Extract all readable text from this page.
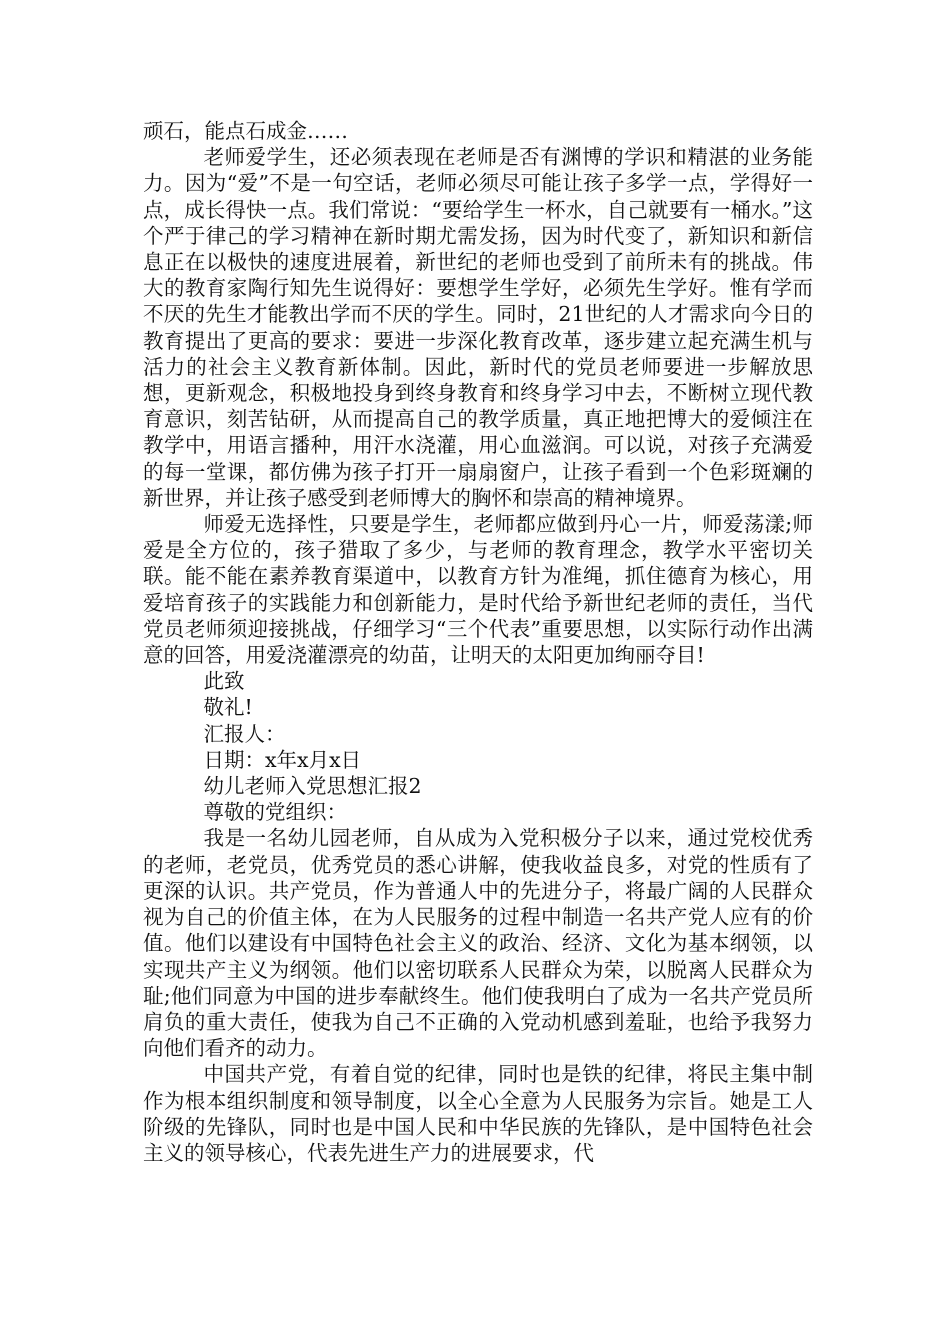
顽石，能点石成金……

老师爱学生，还必须表现在老师是否有渊博的学识和精湛的业务能力。因为“爱”不是一句空话，老师必须尽可能让孩子多学一点，学得好一点，成长得快一点。我们常说：“要给学生一杯水，自己就要有一桶水。”这个严于律己的学习精神在新时期尤需发扬，因为时代变了，新知识和新信息正在以极快的速度进展着，新世纪的老师也受到了前所未有的挑战。伟大的教育家陶行知先生说得好：要想学生学好，必须先生学好。惟有学而不厌的先生才能教出学而不厌的学生。同时，21世纪的人才需求向今日的教育提出了更高的要求：要进一步深化教育改革，逐步建立起充满生机与活力的社会主义教育新体制。因此，新时代的党员老师要进一步解放思想，更新观念，积极地投身到终身教育和终身学习中去，不断树立现代教育意识，刻苦钻研，从而提高自己的教学质量，真正地把博大的爱倾注在教学中，用语言播种，用汗水浇灌，用心血滋润。可以说，对孩子充满爱的每一堂课，都仿佛为孩子打开一扇扇窗户，让孩子看到一个色彩斑斓的新世界，并让孩子感受到老师博大的胸怀和崇高的精神境界。

师爱无选择性，只要是学生，老师都应做到丹心一片，师爱荡漾;师爱是全方位的，孩子猎取了多少，与老师的教育理念，教学水平密切关联。能不能在素养教育渠道中，以教育方针为准绳，抓住德育为核心，用爱培育孩子的实践能力和创新能力，是时代给予新世纪老师的责任，当代党员老师须迎接挑战，仔细学习“三个代表”重要思想，以实际行动作出满意的回答，用爱浇灌漂亮的幼苗，让明天的太阳更加绚丽夺目!

此致

敬礼!

汇报人：

日期：x年x月x日

幼儿老师入党思想汇报2

尊敬的党组织：

我是一名幼儿园老师，自从成为入党积极分子以来，通过党校优秀的老师，老党员，优秀党员的悉心讲解，使我收益良多，对党的性质有了更深的认识。共产党员，作为普通人中的先进分子，将最广阔的人民群众视为自己的价值主体，在为人民服务的过程中制造一名共产党人应有的价值。他们以建设有中国特色社会主义的政治、经济、文化为基本纲领，以实现共产主义为纲领。他们以密切联系人民群众为荣，以脱离人民群众为耻;他们同意为中国的进步奉献终生。他们使我明白了成为一名共产党员所肩负的重大责任，使我为自己不正确的入党动机感到羞耻，也给予我努力向他们看齐的动力。

中国共产党，有着自觉的纪律，同时也是铁的纪律，将民主集中制作为根本组织制度和领导制度，以全心全意为人民服务为宗旨。她是工人阶级的先锋队，同时也是中国人民和中华民族的先锋队，是中国特色社会主义的领导核心，代表先进生产力的进展要求，代
